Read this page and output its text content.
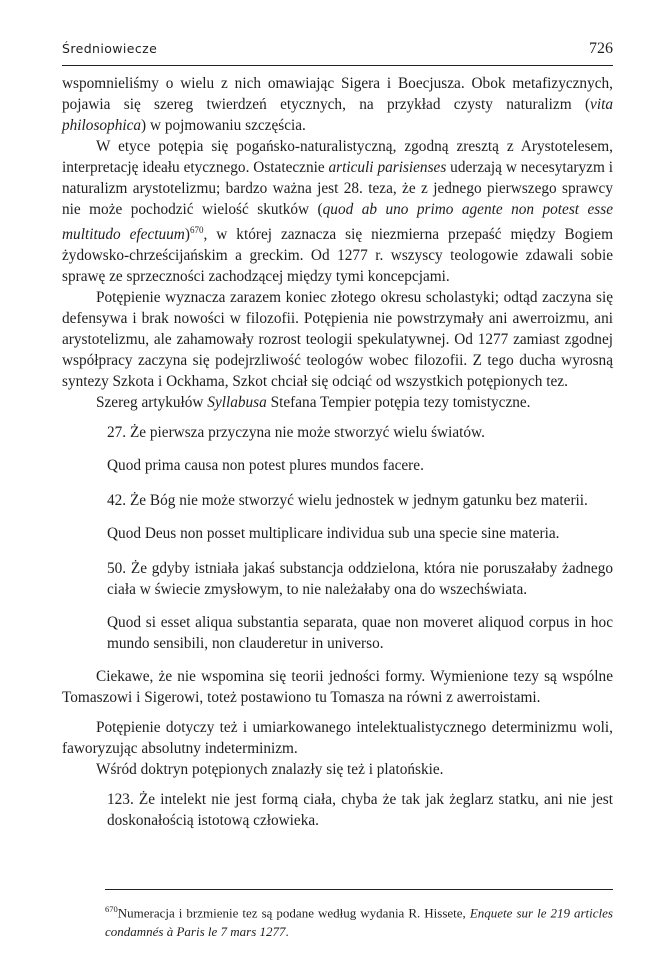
Średniowiecze	726

wspomnieliśmy o wielu z nich omawiając Sigera i Boecjusza. Obok metafizycznych, pojawia się szereg twierdzeń etycznych, na przykład czysty naturalizm (vita philosophica) w pojmowaniu szczęścia.

W etyce potępia się pogańsko-naturalistyczną, zgodną zresztą z Arystotelesem, interpretację ideału etycznego. Ostatecznie articuli parisienses uderzają w necesytaryzm i naturalizm arystotelizmu; bardzo ważna jest 28. teza, że z jednego pierwszego sprawcy nie może pochodzić wielość skutków (quod ab uno primo agente non potest esse multitudo efectuum)$^{670}$, w której zaznacza się niezmierna przepaść między Bogiem żydowsko-chrześcijańskim a greckim. Od 1277 r. wszyscy teologowie zdawali sobie sprawę ze sprzeczności zachodzącej między tymi koncepcjami.

Potępienie wyznacza zarazem koniec złotego okresu scholastyki; odtąd zaczyna się defensywa i brak nowości w filozofii. Potępienia nie powstrzymały ani awerroizmu, ani arystotelizmu, ale zahamowały rozrost teologii spekulatywnej. Od 1277 zamiast zgodnej współpracy zaczyna się podejrzliwość teologów wobec filozofii. Z tego ducha wyrosną syntezy Szkota i Ockhama, Szkot chciał się odciąć od wszystkich potępionych tez.

Szereg artykułów Syllabusa Stefana Tempier potępia tezy tomistyczne.

27. Że pierwsza przyczyna nie może stworzyć wielu światów.

Quod prima causa non potest plures mundos facere.

42. Że Bóg nie może stworzyć wielu jednostek w jednym gatunku bez materii.

Quod Deus non posset multiplicare individua sub una specie sine materia.

50. Że gdyby istniała jakaś substancja oddzielona, która nie poruszałaby żadnego ciała w świecie zmysłowym, to nie należałaby ona do wszechświata.

Quod si esset aliqua substantia separata, quae non moveret aliquod corpus in hoc mundo sensibili, non clauderetur in universo.

Ciekawe, że nie wspomina się teorii jedności formy. Wymienione tezy są wspólne Tomaszowi i Sigerowi, toteż postawiono tu Tomasza na równi z awerroistami.

Potępienie dotyczy też i umiarkowanego intelektualistycznego determinizmu woli, faworyzując absolutny indeterminizm.

Wśród doktryn potępionych znalazły się też i platońskie.

123. Że intelekt nie jest formą ciała, chyba że tak jak żeglarz statku, ani nie jest doskonałością istotową człowieka.

$^{670}$Numeracja i brzmienie tez są podane według wydania R. Hissete, Enquete sur le 219 articles condamnés à Paris le 7 mars 1277.
